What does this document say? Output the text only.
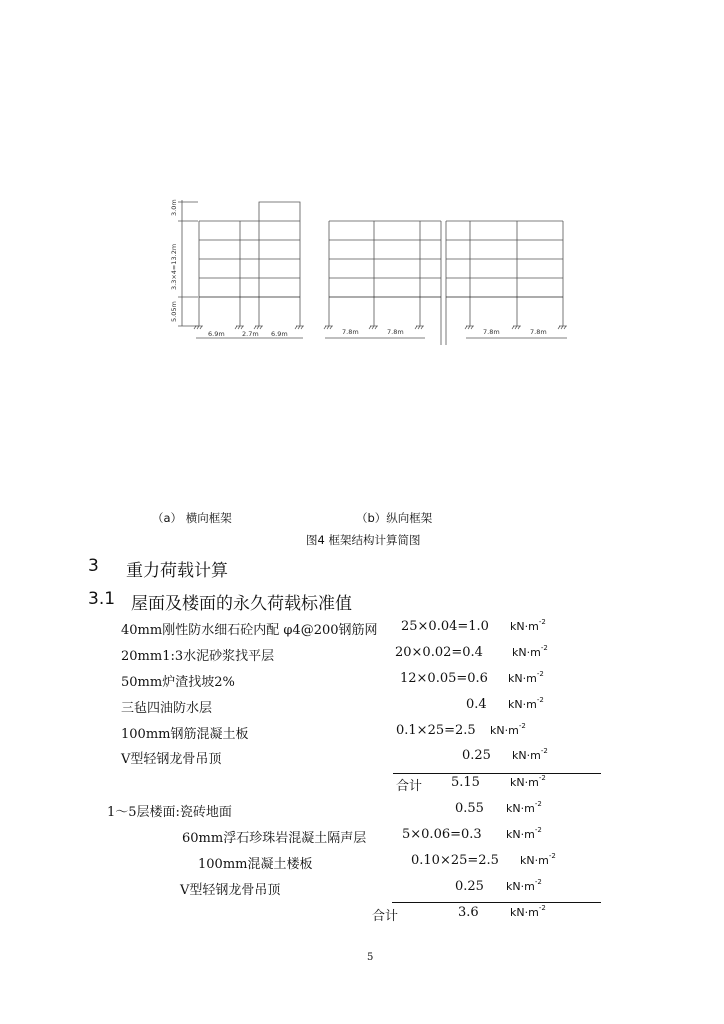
3.0m
3.3×4=13.2m
5.05m
6.9m	2.7m 6.9m	7.8m	7.8m	7.8m	7.8m
（a） 横向框架	（b）纵向框架
图4 框架结构计算简图
3 重力荷载计算
3.1 屋面及楼面的永久荷载标准值
40mm刚性防水细石砼内配 φ4@200钢筋网 25×0.04=1.0 $kN\cdot m^{-2}$
20mm1:3水泥砂浆找平层	20×0.02=0.4	$kN\cdot m^{-2}$
50mm炉渣找坡2%	12×0.05=0.6 $kN\cdot m^{-2}$
三毡四油防水层	0.4 $kN\cdot m^{-2}$
100mm钢筋混凝土板	0.1×25=2.5 $kN\cdot m^{-2}$
V型轻钢龙骨吊顶	0.25 $kN\cdot m^{-2}$
合计 5.15	$kN\cdot m^{-2}$
1～5层楼面:瓷砖地面	0.55 $kN\cdot m^{-2}$
60mm浮石珍珠岩混凝土隔声层	5×0.06=0.3 $kN\cdot m^{-2}$
100mm混凝土楼板	0.10×25=2.5 $kN\cdot m^{-2}$
V型轻钢龙骨吊顶	0.25 $kN\cdot m^{-2}$
合计	3.6	$kN\cdot m^{-2}$
5
